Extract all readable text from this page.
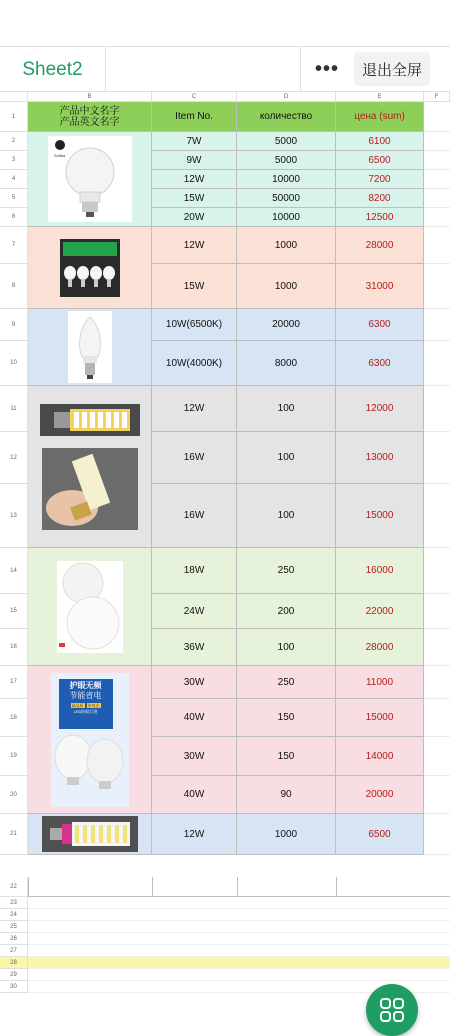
Sheet2	•••	退出全屏
B	C	D	E	F
1	产品中文名字
产品英文名字	Item No.	количество	цена (sum)
Suliba
2	7W	5000	6100
3	9W	5000	6500
4	12W	10000	7200
5	15W	50000	8200
6	20W	10000	12500
7	12W	1000	28000
8	15W	1000	31000
9	10W(6500K)	20000	6300
10	10W(4000K)	8000	6300
11	12W	100	12000
12	16W	100	13000
13	16W	100	15000
14	18W	250	16000
15	24W	200	22000
16	36W	100	28000
护眼无频
节能省电
高品质 更亮光
LED防蚊灯泡
17	30W	250	11000
18	40W	150	15000
19	30W	150	14000
20	40W	90	20000
21	12W	1000	6500
22
23
24
25
26
27
28
29
30
